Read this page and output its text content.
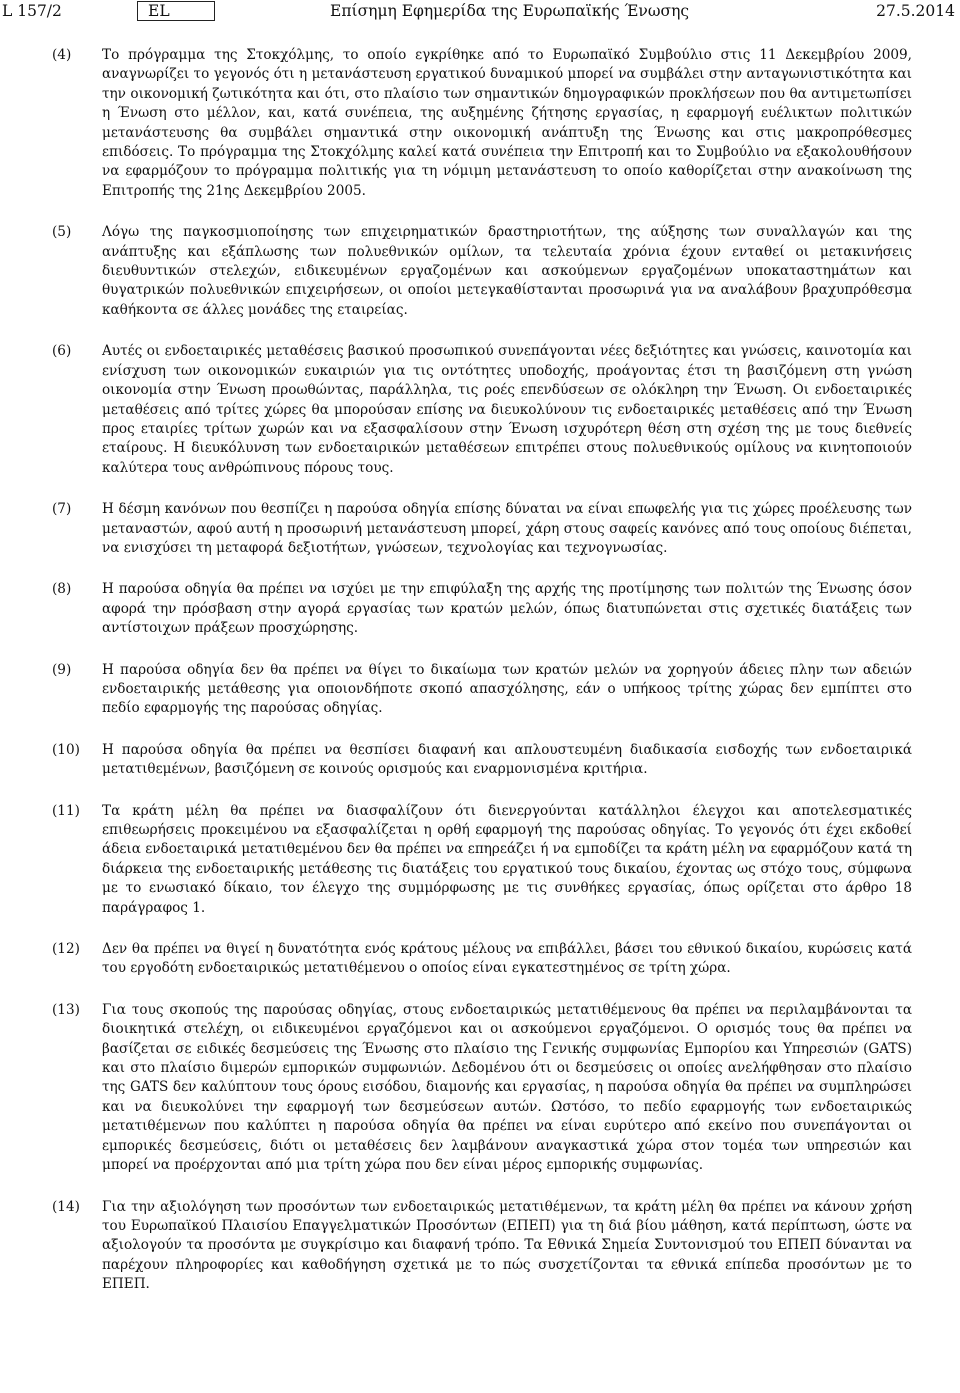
L 157/2	EL	Επίσημη Εφημερίδα της Ευρωπαϊκής Ένωσης	27.5.2014
(4) Το πρόγραμμα της Στοκχόλμης, το οποίο εγκρίθηκε από το Ευρωπαϊκό Συμβούλιο στις 11 Δεκεμβρίου 2009, αναγνωρίζει το γεγονός ότι η μετανάστευση εργατικού δυναμικού μπορεί να συμβάλει στην ανταγωνιστικότητα και την οικονομική ζωτικότητα και ότι, στο πλαίσιο των σημαντικών δημογραφικών προκλήσεων που θα αντιμετωπίσει η Ένωση στο μέλλον, και, κατά συνέπεια, της αυξημένης ζήτησης εργασίας, η εφαρμογή ευέλικτων πολιτικών μετανάστευσης θα συμβάλει σημαντικά στην οικονομική ανάπτυξη της Ένωσης και στις μακροπρόθεσμες επιδόσεις. Το πρόγραμμα της Στοκχόλμης καλεί κατά συνέπεια την Επιτροπή και το Συμβούλιο να εξακολουθήσουν να εφαρμόζουν το πρόγραμμα πολιτικής για τη νόμιμη μετανάστευση το οποίο καθορίζεται στην ανακοίνωση της Επιτροπής της 21ης Δεκεμβρίου 2005.
(5) Λόγω της παγκοσμιοποίησης των επιχειρηματικών δραστηριοτήτων, της αύξησης των συναλλαγών και της ανάπτυξης και εξάπλωσης των πολυεθνικών ομίλων, τα τελευταία χρόνια έχουν ενταθεί οι μετακινήσεις διευθυντικών στελεχών, ειδικευμένων εργαζομένων και ασκούμενων εργαζομένων υποκαταστημάτων και θυγατρικών πολυεθνικών επιχειρήσεων, οι οποίοι μετεγκαθίστανται προσωρινά για να αναλάβουν βραχυπρόθεσμα καθήκοντα σε άλλες μονάδες της εταιρείας.
(6) Αυτές οι ενδοεταιρικές μεταθέσεις βασικού προσωπικού συνεπάγονται νέες δεξιότητες και γνώσεις, καινοτομία και ενίσχυση των οικονομικών ευκαιριών για τις οντότητες υποδοχής, προάγοντας έτσι τη βασιζόμενη στη γνώση οικονομία στην Ένωση προωθώντας, παράλληλα, τις ροές επενδύσεων σε ολόκληρη την Ένωση. Οι ενδοεταιρικές μεταθέσεις από τρίτες χώρες θα μπορούσαν επίσης να διευκολύνουν τις ενδοεταιρικές μεταθέσεις από την Ένωση προς εταιρίες τρίτων χωρών και να εξασφαλίσουν στην Ένωση ισχυρότερη θέση στη σχέση της με τους διεθνείς εταίρους. Η διευκόλυνση των ενδοεταιρικών μεταθέσεων επιτρέπει στους πολυεθνικούς ομίλους να κινητοποιούν καλύτερα τους ανθρώπινους πόρους τους.
(7) Η δέσμη κανόνων που θεσπίζει η παρούσα οδηγία επίσης δύναται να είναι επωφελής για τις χώρες προέλευσης των μεταναστών, αφού αυτή η προσωρινή μετανάστευση μπορεί, χάρη στους σαφείς κανόνες από τους οποίους διέπεται, να ενισχύσει τη μεταφορά δεξιοτήτων, γνώσεων, τεχνολογίας και τεχνογνωσίας.
(8) Η παρούσα οδηγία θα πρέπει να ισχύει με την επιφύλαξη της αρχής της προτίμησης των πολιτών της Ένωσης όσον αφορά την πρόσβαση στην αγορά εργασίας των κρατών μελών, όπως διατυπώνεται στις σχετικές διατάξεις των αντίστοιχων πράξεων προσχώρησης.
(9) Η παρούσα οδηγία δεν θα πρέπει να θίγει το δικαίωμα των κρατών μελών να χορηγούν άδειες πλην των αδειών ενδοεταιρικής μετάθεσης για οποιονδήποτε σκοπό απασχόλησης, εάν ο υπήκοος τρίτης χώρας δεν εμπίπτει στο πεδίο εφαρμογής της παρούσας οδηγίας.
(10) Η παρούσα οδηγία θα πρέπει να θεσπίσει διαφανή και απλουστευμένη διαδικασία εισδοχής των ενδοεταιρικά μετατιθεμένων, βασιζόμενη σε κοινούς ορισμούς και εναρμονισμένα κριτήρια.
(11) Τα κράτη μέλη θα πρέπει να διασφαλίζουν ότι διενεργούνται κατάλληλοι έλεγχοι και αποτελεσματικές επιθεωρήσεις προκειμένου να εξασφαλίζεται η ορθή εφαρμογή της παρούσας οδηγίας. Το γεγονός ότι έχει εκδοθεί άδεια ενδοεταιρικά μετατιθεμένου δεν θα πρέπει να επηρεάζει ή να εμποδίζει τα κράτη μέλη να εφαρμόζουν κατά τη διάρκεια της ενδοεταιρικής μετάθεσης τις διατάξεις του εργατικού τους δικαίου, έχοντας ως στόχο τους, σύμφωνα με το ενωσιακό δίκαιο, τον έλεγχο της συμμόρφωσης με τις συνθήκες εργασίας, όπως ορίζεται στο άρθρο 18 παράγραφος 1.
(12) Δεν θα πρέπει να θιγεί η δυνατότητα ενός κράτους μέλους να επιβάλλει, βάσει του εθνικού δικαίου, κυρώσεις κατά του εργοδότη ενδοεταιρικώς μετατιθέμενου ο οποίος είναι εγκατεστημένος σε τρίτη χώρα.
(13) Για τους σκοπούς της παρούσας οδηγίας, στους ενδοεταιρικώς μετατιθέμενους θα πρέπει να περιλαμβάνονται τα διοικητικά στελέχη, οι ειδικευμένοι εργαζόμενοι και οι ασκούμενοι εργαζόμενοι. Ο ορισμός τους θα πρέπει να βασίζεται σε ειδικές δεσμεύσεις της Ένωσης στο πλαίσιο της Γενικής συμφωνίας Εμπορίου και Υπηρεσιών (GATS) και στο πλαίσιο διμερών εμπορικών συμφωνιών. Δεδομένου ότι οι δεσμεύσεις οι οποίες ανελήφθησαν στο πλαίσιο της GATS δεν καλύπτουν τους όρους εισόδου, διαμονής και εργασίας, η παρούσα οδηγία θα πρέπει να συμπληρώσει και να διευκολύνει την εφαρμογή των δεσμεύσεων αυτών. Ωστόσο, το πεδίο εφαρμογής των ενδοεταιρικώς μετατιθέμενων που καλύπτει η παρούσα οδηγία θα πρέπει να είναι ευρύτερο από εκείνο που συνεπάγονται οι εμπορικές δεσμεύσεις, διότι οι μεταθέσεις δεν λαμβάνουν αναγκαστικά χώρα στον τομέα των υπηρεσιών και μπορεί να προέρχονται από μια τρίτη χώρα που δεν είναι μέρος εμπορικής συμφωνίας.
(14) Για την αξιολόγηση των προσόντων των ενδοεταιρικώς μετατιθέμενων, τα κράτη μέλη θα πρέπει να κάνουν χρήση του Ευρωπαϊκού Πλαισίου Επαγγελματικών Προσόντων (ΕΠΕΠ) για τη διά βίου μάθηση, κατά περίπτωση, ώστε να αξιολογούν τα προσόντα με συγκρίσιμο και διαφανή τρόπο. Τα Εθνικά Σημεία Συντονισμού του ΕΠΕΠ δύνανται να παρέχουν πληροφορίες και καθοδήγηση σχετικά με το πώς συσχετίζονται τα εθνικά επίπεδα προσόντων με το ΕΠΕΠ.
